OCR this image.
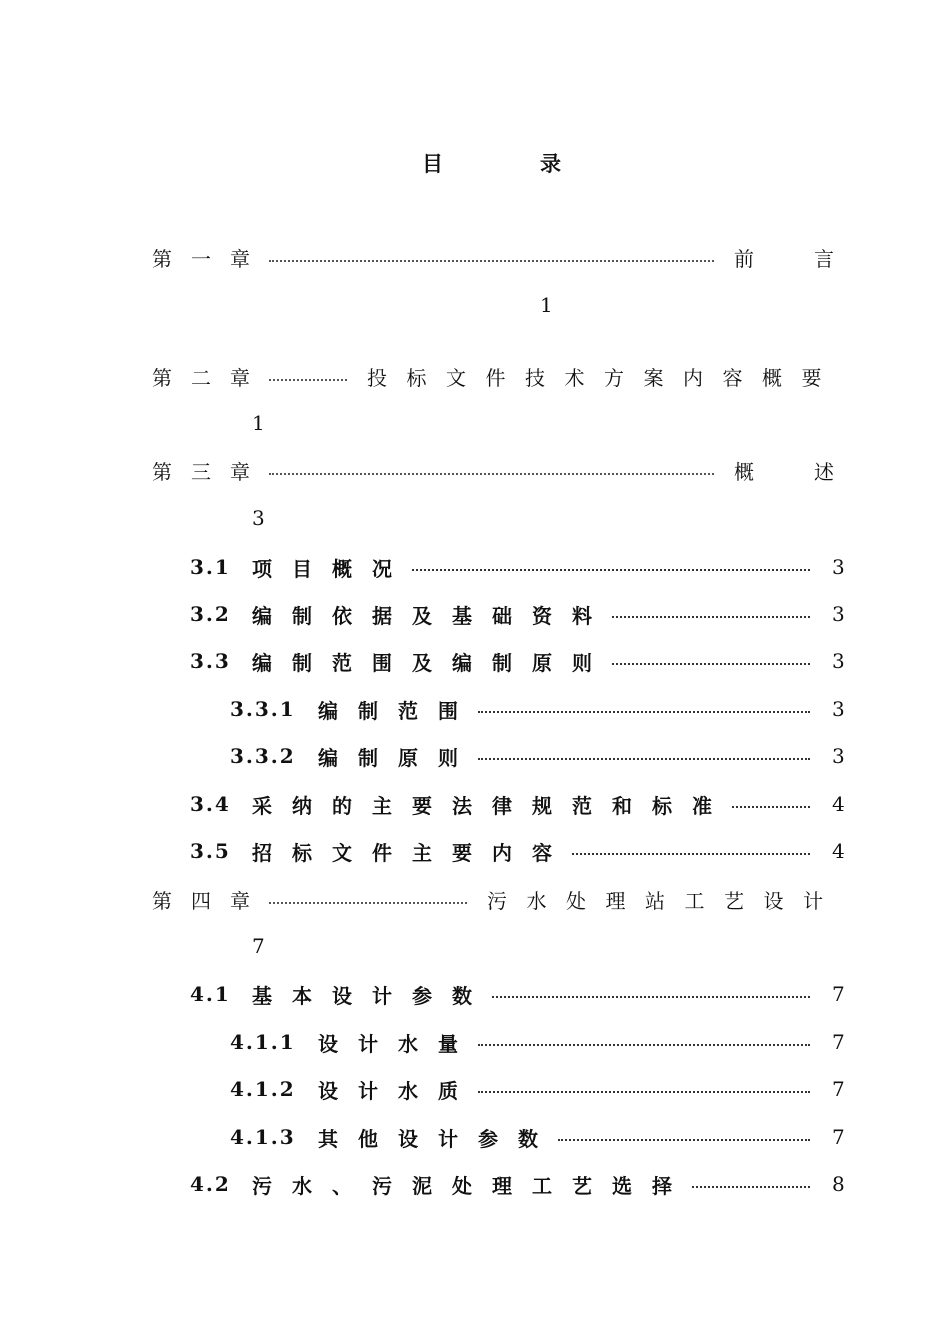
目	录
第一章	前 言
1
第二章	投标文件技术方案内容概要
1
第三章	概 述
3
3.1	项目概况	3
3.2	编制依据及基础资料	3
3.3	编制范围及编制原则	3
3.3.1	编制范围	3
3.3.2	编制原则	3
3.4	采纳的主要法律规范和标准	4
3.5	招标文件主要内容	4
第四章	污水处理站工艺设计
7
4.1	基本设计参数	7
4.1.1	设计水量	7
4.1.2	设计水质	7
4.1.3	其他设计参数	7
4.2	污水、污泥处理工艺选择	8
